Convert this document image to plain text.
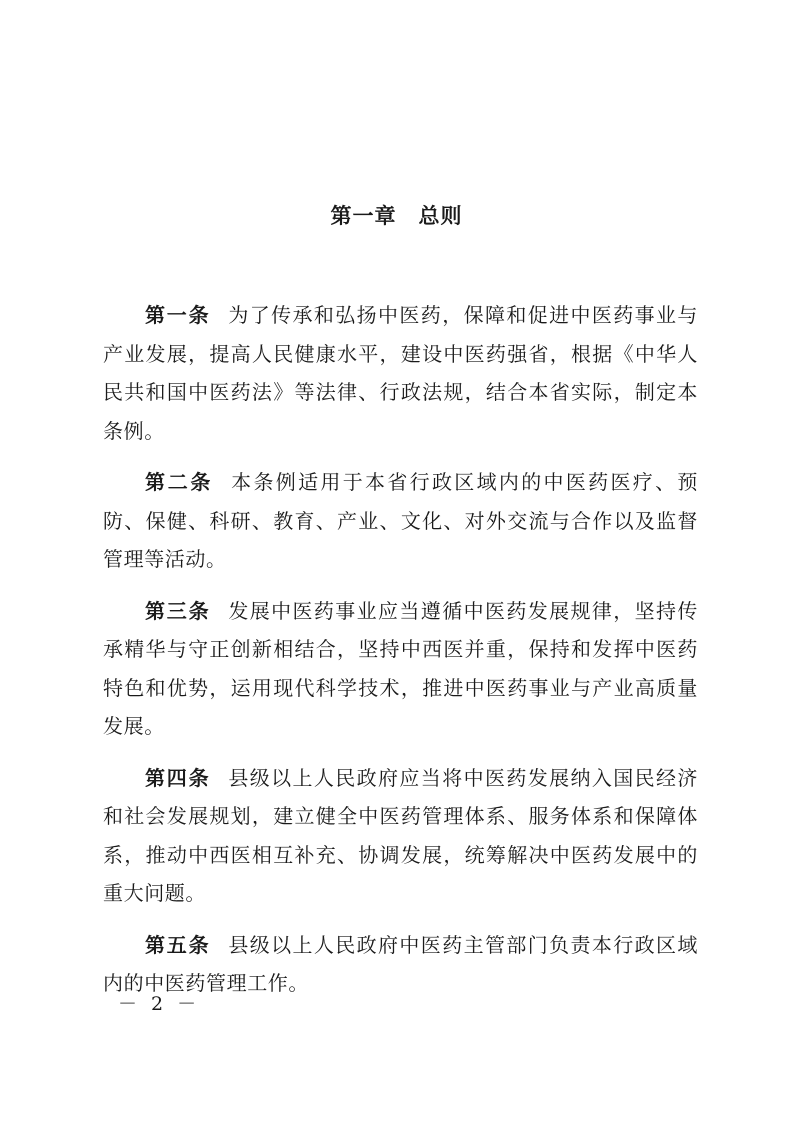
第一章 总则

第一条 为了传承和弘扬中医药，保障和促进中医药事业与产业发展，提高人民健康水平，建设中医药强省，根据《中华人民共和国中医药法》等法律、行政法规，结合本省实际，制定本条例。

第二条 本条例适用于本省行政区域内的中医药医疗、预防、保健、科研、教育、产业、文化、对外交流与合作以及监督管理等活动。

第三条 发展中医药事业应当遵循中医药发展规律，坚持传承精华与守正创新相结合，坚持中西医并重，保持和发挥中医药特色和优势，运用现代科学技术，推进中医药事业与产业高质量发展。

第四条 县级以上人民政府应当将中医药发展纳入国民经济和社会发展规划，建立健全中医药管理体系、服务体系和保障体系，推动中西医相互补充、协调发展，统筹解决中医药发展中的重大问题。

第五条 县级以上人民政府中医药主管部门负责本行政区域内的中医药管理工作。

－ 2 －
